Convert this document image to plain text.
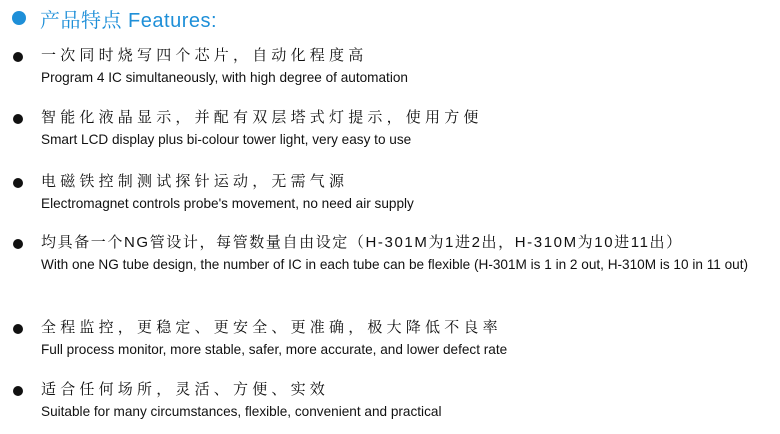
产品特点 Features:
一次同时烧写四个芯片，自动化程度高
Program 4 IC simultaneously, with high degree of automation
智能化液晶显示，并配有双层塔式灯提示，使用方便
Smart LCD display plus bi-colour tower light, very easy to use
电磁铁控制测试探针运动，无需气源
Electromagnet controls probe's movement, no need air supply
均具备一个NG管设计，每管数量自由设定（H-301M为1进2出，H-310M为10进11出）
With one NG tube design, the number of IC in each tube can be flexible (H-301M is 1 in 2 out, H-310M is 10 in 11 out)
全程监控，更稳定、更安全、更准确，极大降低不良率
Full process monitor, more stable, safer, more accurate, and lower defect rate
适合任何场所，灵活、方便、实效
Suitable for many circumstances, flexible, convenient and practical
